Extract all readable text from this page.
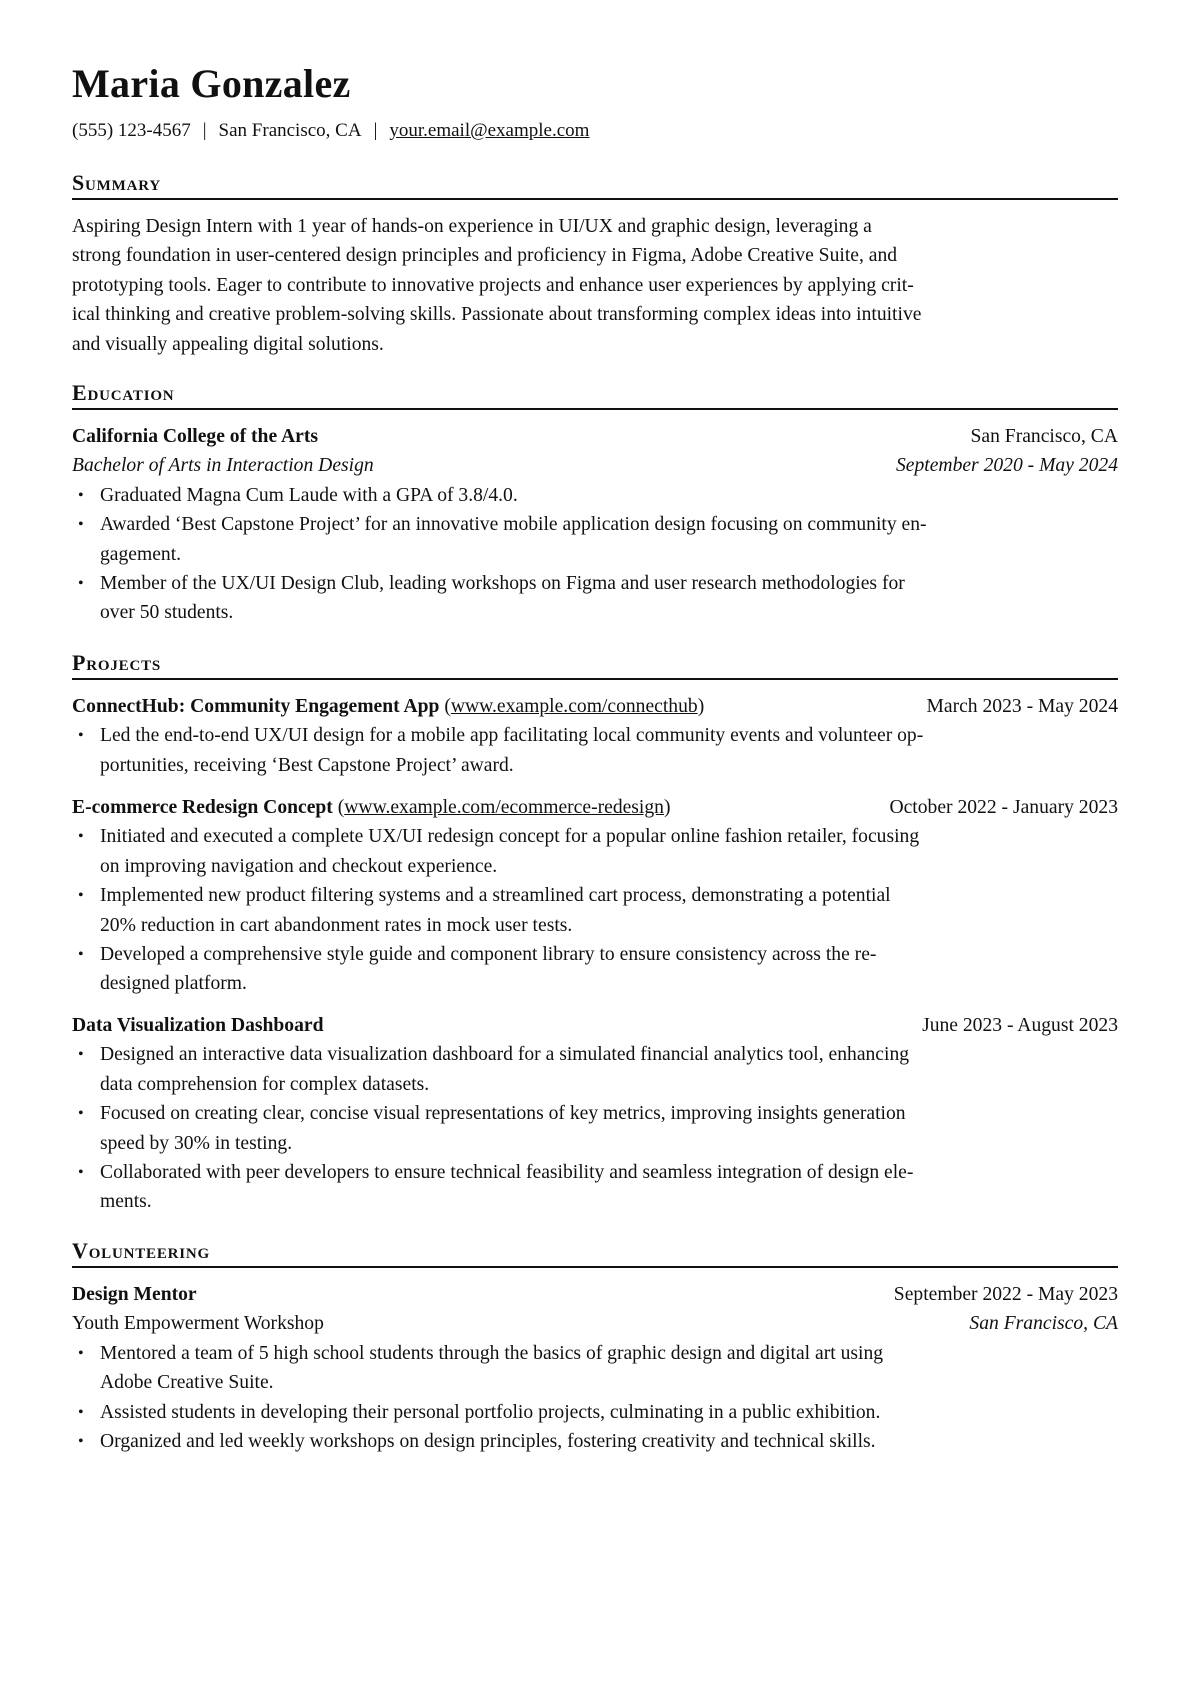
Maria Gonzalez
(555) 123-4567 | San Francisco, CA | your.email@example.com
Summary
Aspiring Design Intern with 1 year of hands-on experience in UI/UX and graphic design, leveraging a
strong foundation in user-centered design principles and proficiency in Figma, Adobe Creative Suite, and
prototyping tools. Eager to contribute to innovative projects and enhance user experiences by applying crit-
ical thinking and creative problem-solving skills. Passionate about transforming complex ideas into intuitive
and visually appealing digital solutions.
Education
California College of the Arts	San Francisco, CA
Bachelor of Arts in Interaction Design	September 2020 - May 2024
• Graduated Magna Cum Laude with a GPA of 3.8/4.0.
• Awarded ‘Best Capstone Project’ for an innovative mobile application design focusing on community en-
gagement.
• Member of the UX/UI Design Club, leading workshops on Figma and user research methodologies for
over 50 students.
Projects
ConnectHub: Community Engagement App (www.example.com/connecthub)	March 2023 - May 2024
• Led the end-to-end UX/UI design for a mobile app facilitating local community events and volunteer op-
portunities, receiving ‘Best Capstone Project’ award.
E-commerce Redesign Concept (www.example.com/ecommerce-redesign)	October 2022 - January 2023
• Initiated and executed a complete UX/UI redesign concept for a popular online fashion retailer, focusing
on improving navigation and checkout experience.
• Implemented new product filtering systems and a streamlined cart process, demonstrating a potential
20% reduction in cart abandonment rates in mock user tests.
• Developed a comprehensive style guide and component library to ensure consistency across the re-
designed platform.
Data Visualization Dashboard	June 2023 - August 2023
• Designed an interactive data visualization dashboard for a simulated financial analytics tool, enhancing
data comprehension for complex datasets.
• Focused on creating clear, concise visual representations of key metrics, improving insights generation
speed by 30% in testing.
• Collaborated with peer developers to ensure technical feasibility and seamless integration of design ele-
ments.
Volunteering
Design Mentor	September 2022 - May 2023
Youth Empowerment Workshop	San Francisco, CA
• Mentored a team of 5 high school students through the basics of graphic design and digital art using
Adobe Creative Suite.
• Assisted students in developing their personal portfolio projects, culminating in a public exhibition.
• Organized and led weekly workshops on design principles, fostering creativity and technical skills.
